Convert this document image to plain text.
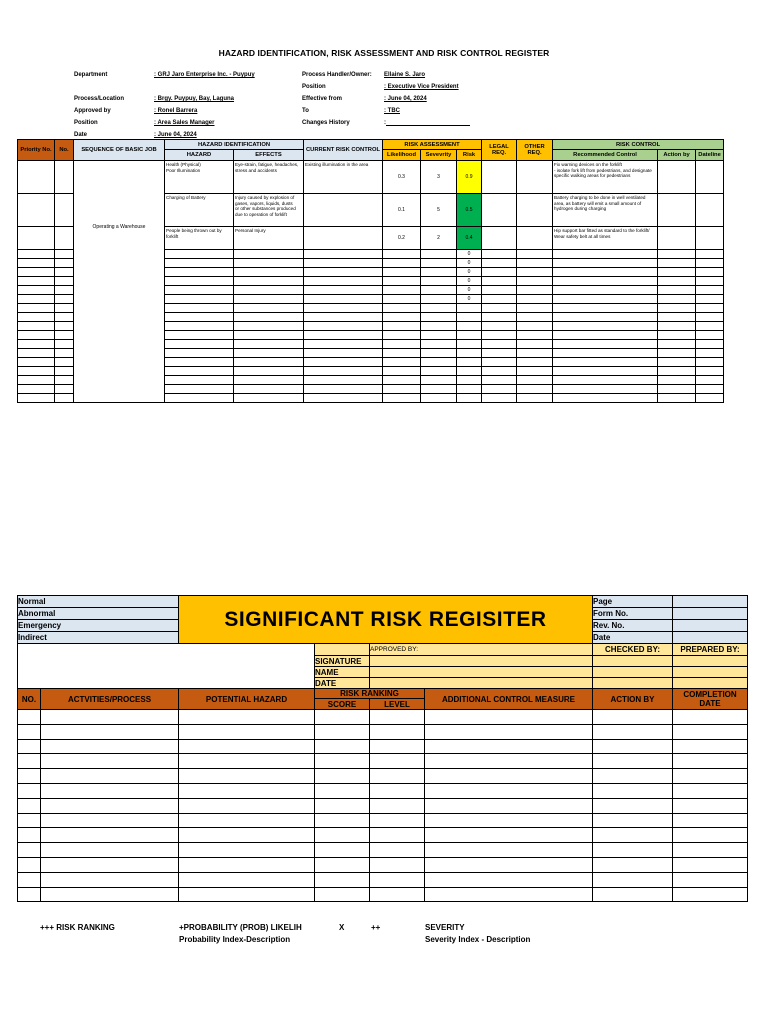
HAZARD IDENTIFICATION, RISK ASSESSMENT AND RISK CONTROL REGISTER
Department	: GRJ Jaro Enterprise Inc. - Puypuy
Process/Location	: Brgy. Puypuy, Bay, Laguna
Approved by	: Ronel Barrera
Position	: Area Sales Manager
Date	: June 04, 2024
Process Handler/Owner: Ellaine S. Jaro
Position	: Executive Vice President
Effective from	: June 04, 2024
To	: TBC
Changes History	:
Priority No.	No.	SEQUENCE OF BASIC JOB	HAZARD IDENTIFICATION		CURRENT RISK CONTROL	RISK ASSESSMENT			LEGAL REQ.	OTHER REQ.	RISK CONTROL		
			HAZARD	EFFECTS		Likelihood	Sevevrity	Risk			Recommended Control	Action by	Dateline
		Operating a Warehouse	Health (Physical)
Poor Illumination	Eye-strain, fatigue, headaches, stress and accidents	Existing illumination in the area	0.3	3	0.9			Fix warning devices on the forklift
- isolate fork lift from pedestrians, and designate specific walking areas for pedestrians		
			Charging of Battery	Injury caused by explosion of gases, vapors, liquids, dusts
or other substances produced due to operation of forklift		0.1	5	0.5			Battery charging to be done in well ventilated area, as battery will emit a small amount of
hydrogen during charging		
			People being thrown out by forklift	Personal Injury		0.2	2	0.4			Hip support bar fitted as standard to the forklift/ Wear safety belt at all times		
								0					
								0					
								0					
								0					
								0					
								0					

Normal		SIGNIFICANT RISK REGISITER				Page	
Abnormal						Form No.	
Emergency						Rev. No.	
Indirect						Date	
				APPROVED BY:		CHECKED BY:	PREPARED BY:
			SIGNATURE				
			NAME				
			DATE				
NO.	ACTVITIES/PROCESS	POTENTIAL HAZARD	RISK RANKING		ADDITIONAL CONTROL MEASURE	ACTION BY	COMPLETION DATE
			SCORE	LEVEL			

+++ RISK RANKING	+PROBABILITY (PROB) LIKELIH	X	++	SEVERITY
Probability Index-Description	Severity Index - Description
